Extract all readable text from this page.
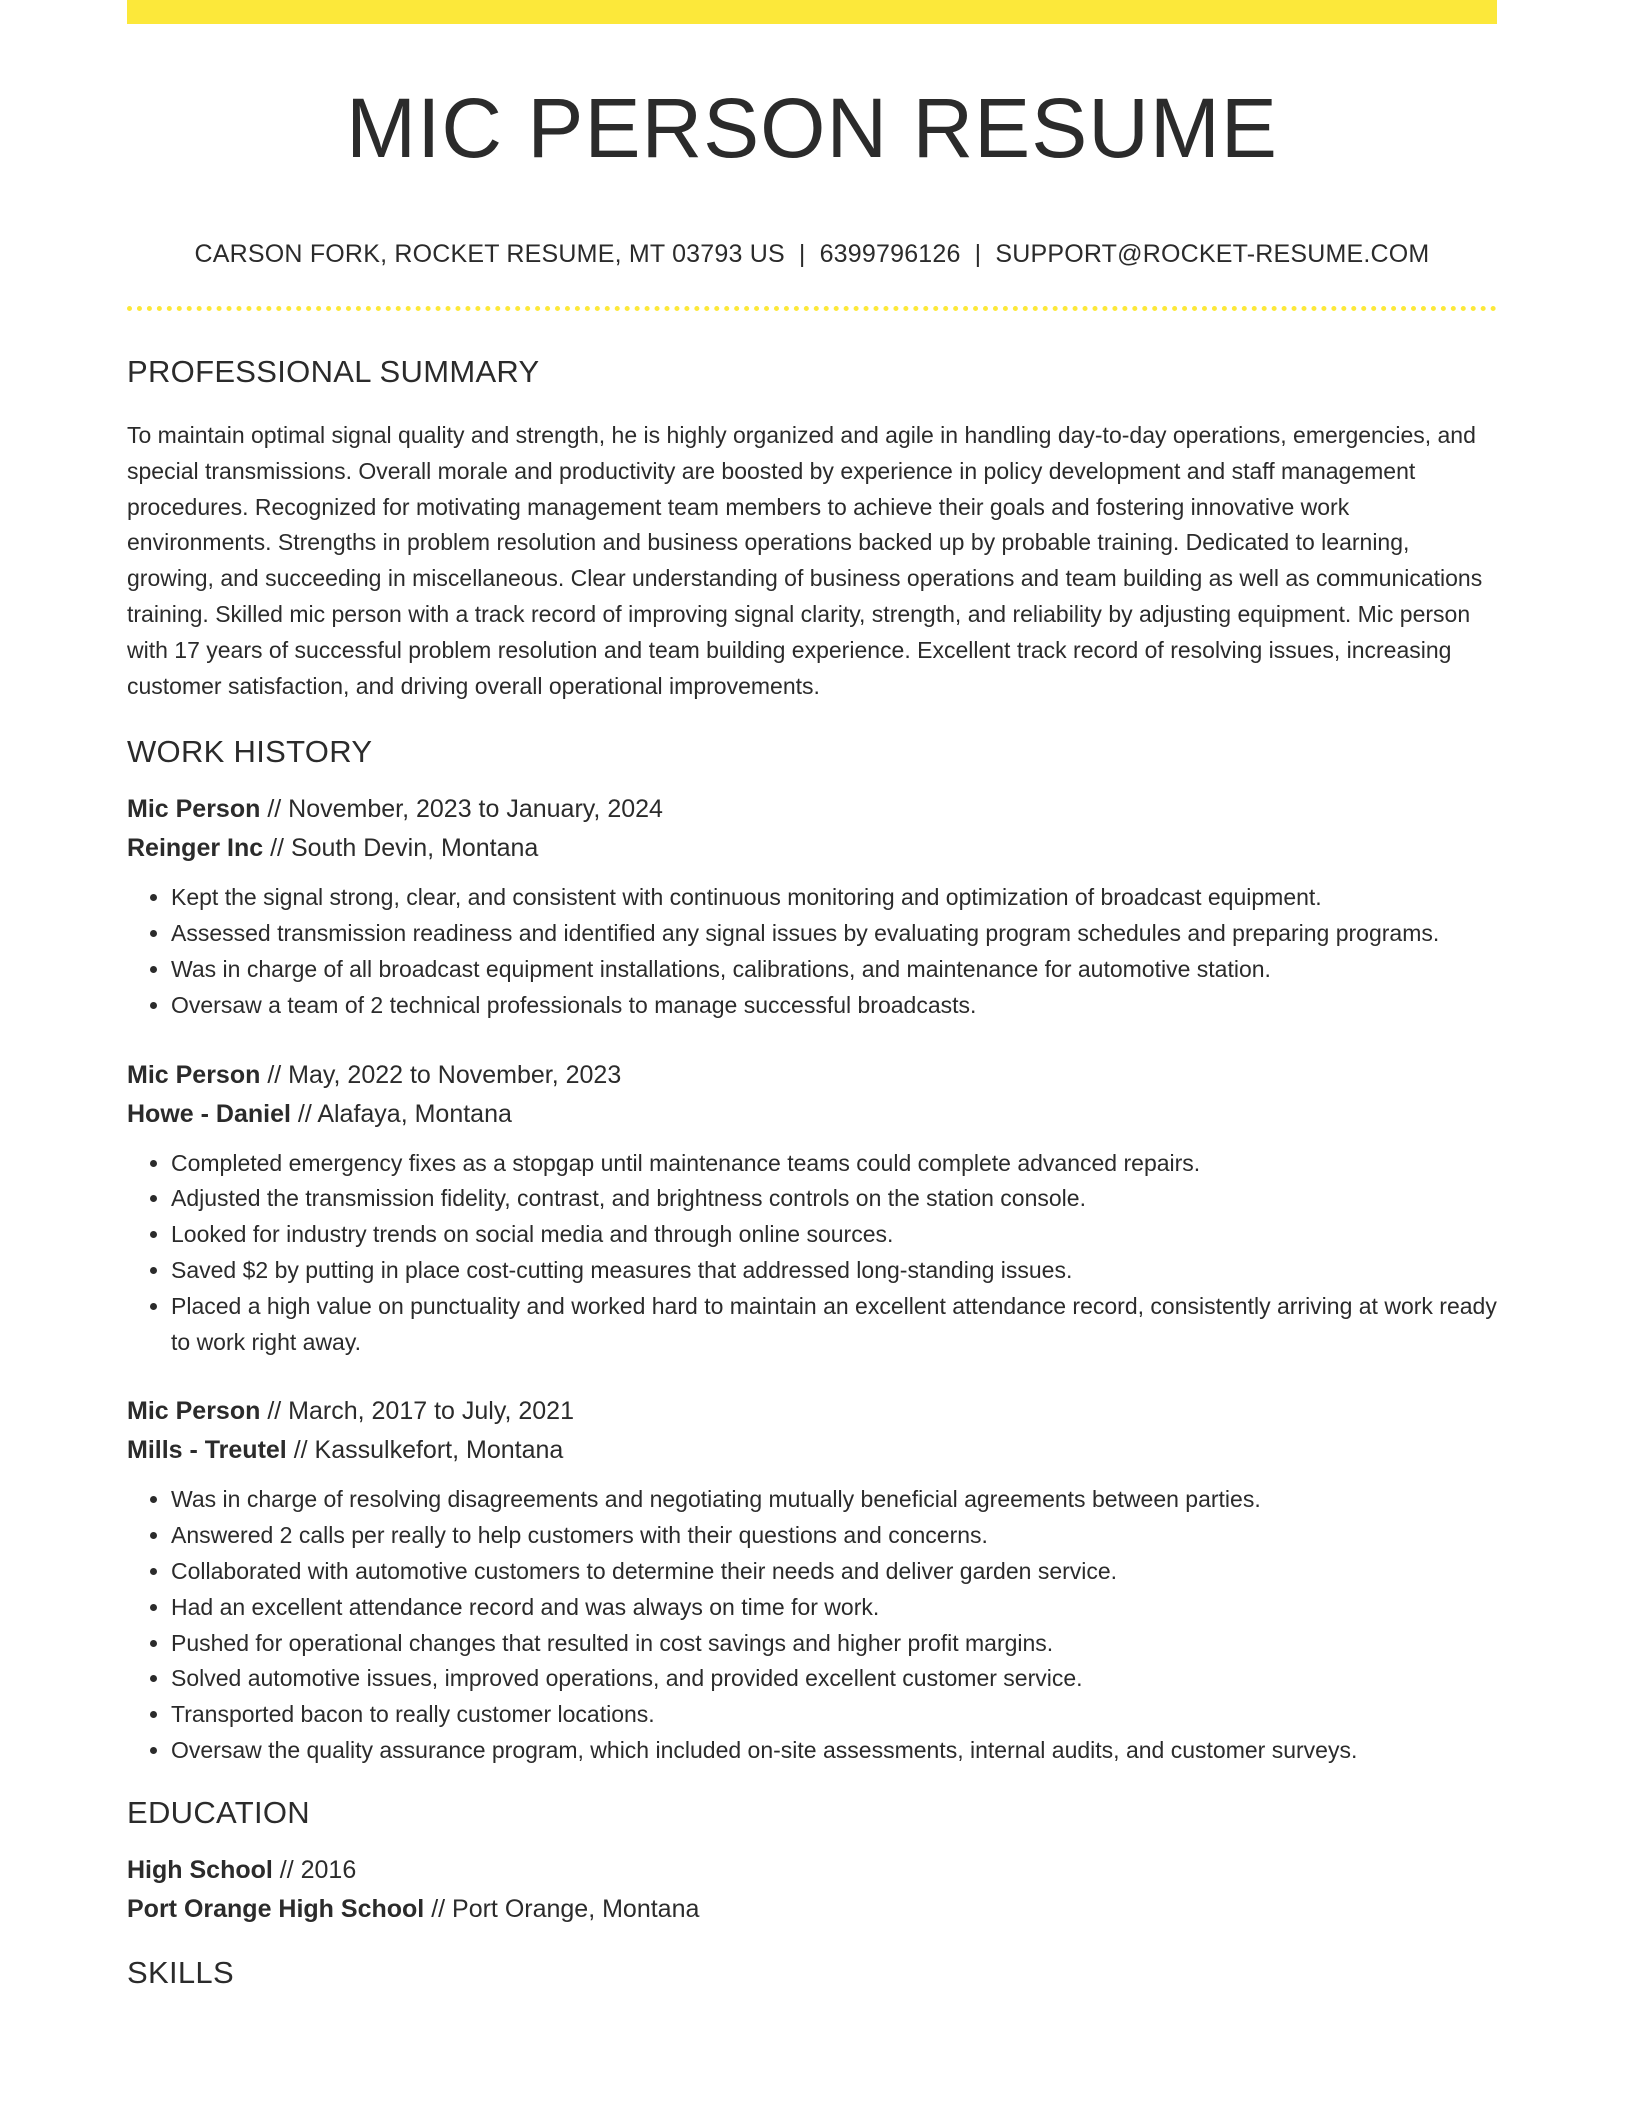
MIC PERSON RESUME
CARSON FORK, ROCKET RESUME, MT 03793 US | 6399796126 | SUPPORT@ROCKET-RESUME.COM
PROFESSIONAL SUMMARY

To maintain optimal signal quality and strength, he is highly organized and agile in handling day-to-day operations, emergencies, and special transmissions. Overall morale and productivity are boosted by experience in policy development and staff management procedures. Recognized for motivating management team members to achieve their goals and fostering innovative work environments. Strengths in problem resolution and business operations backed up by probable training. Dedicated to learning, growing, and succeeding in miscellaneous. Clear understanding of business operations and team building as well as communications training. Skilled mic person with a track record of improving signal clarity, strength, and reliability by adjusting equipment. Mic person with 17 years of successful problem resolution and team building experience. Excellent track record of resolving issues, increasing customer satisfaction, and driving overall operational improvements.

WORK HISTORY
Mic Person // November, 2023 to January, 2024
Reinger Inc // South Devin, Montana
• Kept the signal strong, clear, and consistent with continuous monitoring and optimization of broadcast equipment.
• Assessed transmission readiness and identified any signal issues by evaluating program schedules and preparing programs.
• Was in charge of all broadcast equipment installations, calibrations, and maintenance for automotive station.
• Oversaw a team of 2 technical professionals to manage successful broadcasts.
Mic Person // May, 2022 to November, 2023
Howe - Daniel // Alafaya, Montana
• Completed emergency fixes as a stopgap until maintenance teams could complete advanced repairs.
• Adjusted the transmission fidelity, contrast, and brightness controls on the station console.
• Looked for industry trends on social media and through online sources.
• Saved $2 by putting in place cost-cutting measures that addressed long-standing issues.
• Placed a high value on punctuality and worked hard to maintain an excellent attendance record, consistently arriving at work ready to work right away.
Mic Person // March, 2017 to July, 2021
Mills - Treutel // Kassulkefort, Montana
• Was in charge of resolving disagreements and negotiating mutually beneficial agreements between parties.
• Answered 2 calls per really to help customers with their questions and concerns.
• Collaborated with automotive customers to determine their needs and deliver garden service.
• Had an excellent attendance record and was always on time for work.
• Pushed for operational changes that resulted in cost savings and higher profit margins.
• Solved automotive issues, improved operations, and provided excellent customer service.
• Transported bacon to really customer locations.
• Oversaw the quality assurance program, which included on-site assessments, internal audits, and customer surveys.
EDUCATION
High School // 2016
Port Orange High School // Port Orange, Montana
SKILLS
